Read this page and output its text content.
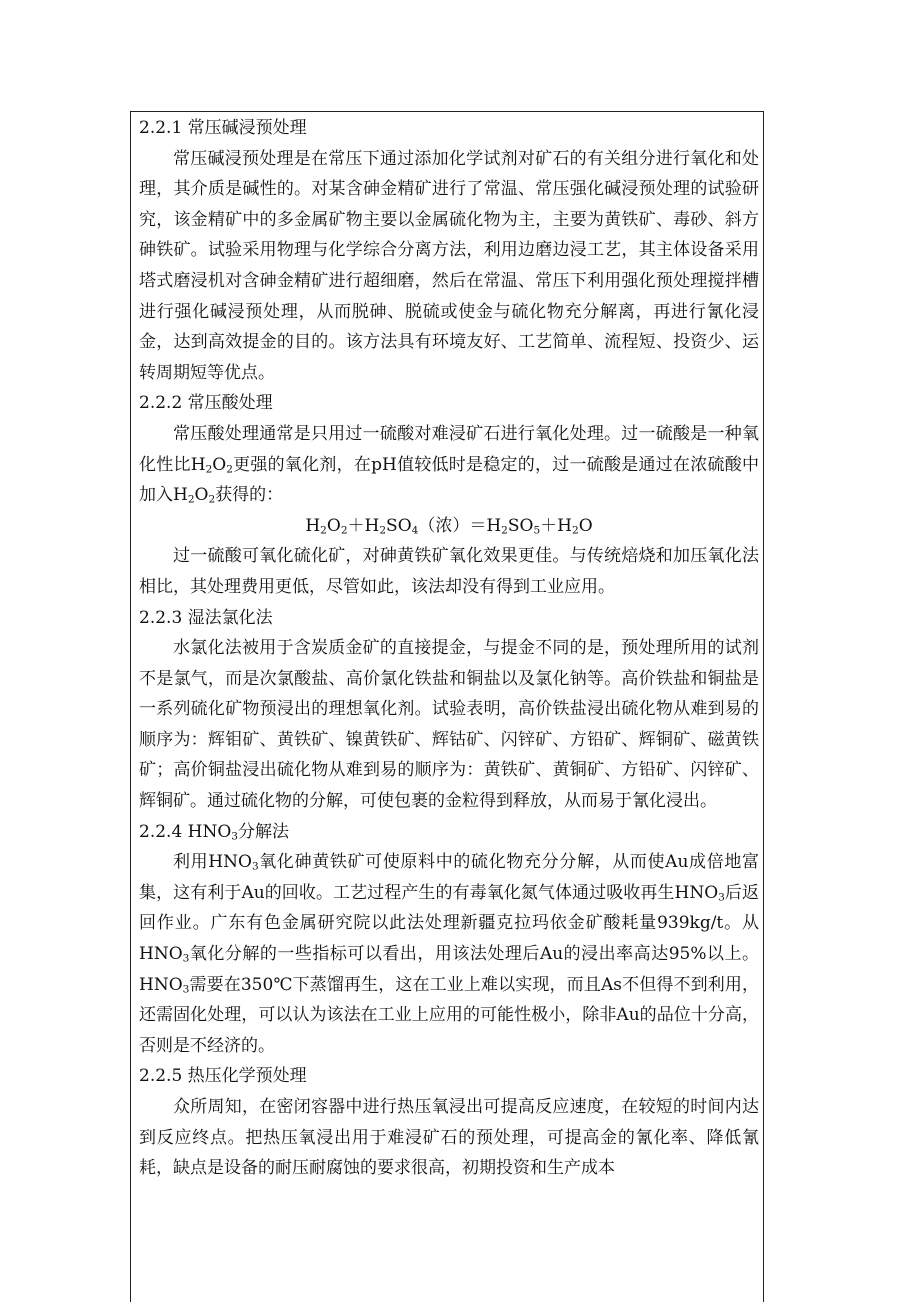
2.2.1 常压碱浸预处理

常压碱浸预处理是在常压下通过添加化学试剂对矿石的有关组分进行氧化和处理，其介质是碱性的。对某含砷金精矿进行了常温、常压强化碱浸预处理的试验研究，该金精矿中的多金属矿物主要以金属硫化物为主，主要为黄铁矿、毒砂、斜方砷铁矿。试验采用物理与化学综合分离方法，利用边磨边浸工艺，其主体设备采用塔式磨浸机对含砷金精矿进行超细磨，然后在常温、常压下利用强化预处理搅拌槽进行强化碱浸预处理，从而脱砷、脱硫或使金与硫化物充分解离，再进行氰化浸金，达到高效提金的目的。该方法具有环境友好、工艺简单、流程短、投资少、运转周期短等优点。

2.2.2 常压酸处理

常压酸处理通常是只用过一硫酸对难浸矿石进行氧化处理。过一硫酸是一种氧化性比$H_2O_2$更强的氧化剂，在pH值较低时是稳定的，过一硫酸是通过在浓硫酸中加入$H_2O_2$获得的：

$H_2O_2+H_2SO_4$（浓）$=H_2SO_5+H_2O$

过一硫酸可氧化硫化矿，对砷黄铁矿氧化效果更佳。与传统焙烧和加压氧化法相比，其处理费用更低，尽管如此，该法却没有得到工业应用。

2.2.3 湿法氯化法

水氯化法被用于含炭质金矿的直接提金，与提金不同的是，预处理所用的试剂不是氯气，而是次氯酸盐、高价氯化铁盐和铜盐以及氯化钠等。高价铁盐和铜盐是一系列硫化矿物预浸出的理想氧化剂。试验表明，高价铁盐浸出硫化物从难到易的顺序为：辉钼矿、黄铁矿、镍黄铁矿、辉钴矿、闪锌矿、方铅矿、辉铜矿、磁黄铁矿；高价铜盐浸出硫化物从难到易的顺序为：黄铁矿、黄铜矿、方铅矿、闪锌矿、辉铜矿。通过硫化物的分解，可使包裹的金粒得到释放，从而易于氰化浸出。

2.2.4 $HNO_3$分解法

利用$HNO_3$氧化砷黄铁矿可使原料中的硫化物充分分解，从而使Au成倍地富集，这有利于Au的回收。工艺过程产生的有毒氧化氮气体通过吸收再生$HNO_3$后返回作业。广东有色金属研究院以此法处理新疆克拉玛依金矿酸耗量939kg/t。从$HNO_3$氧化分解的一些指标可以看出，用该法处理后Au的浸出率高达95%以上。$HNO_3$需要在350℃下蒸馏再生，这在工业上难以实现，而且As不但得不到利用，还需固化处理，可以认为该法在工业上应用的可能性极小，除非Au的品位十分高，否则是不经济的。

2.2.5 热压化学预处理

众所周知，在密闭容器中进行热压氧浸出可提高反应速度，在较短的时间内达到反应终点。把热压氧浸出用于难浸矿石的预处理，可提高金的氰化率、降低氰耗，缺点是设备的耐压耐腐蚀的要求很高，初期投资和生产成本
